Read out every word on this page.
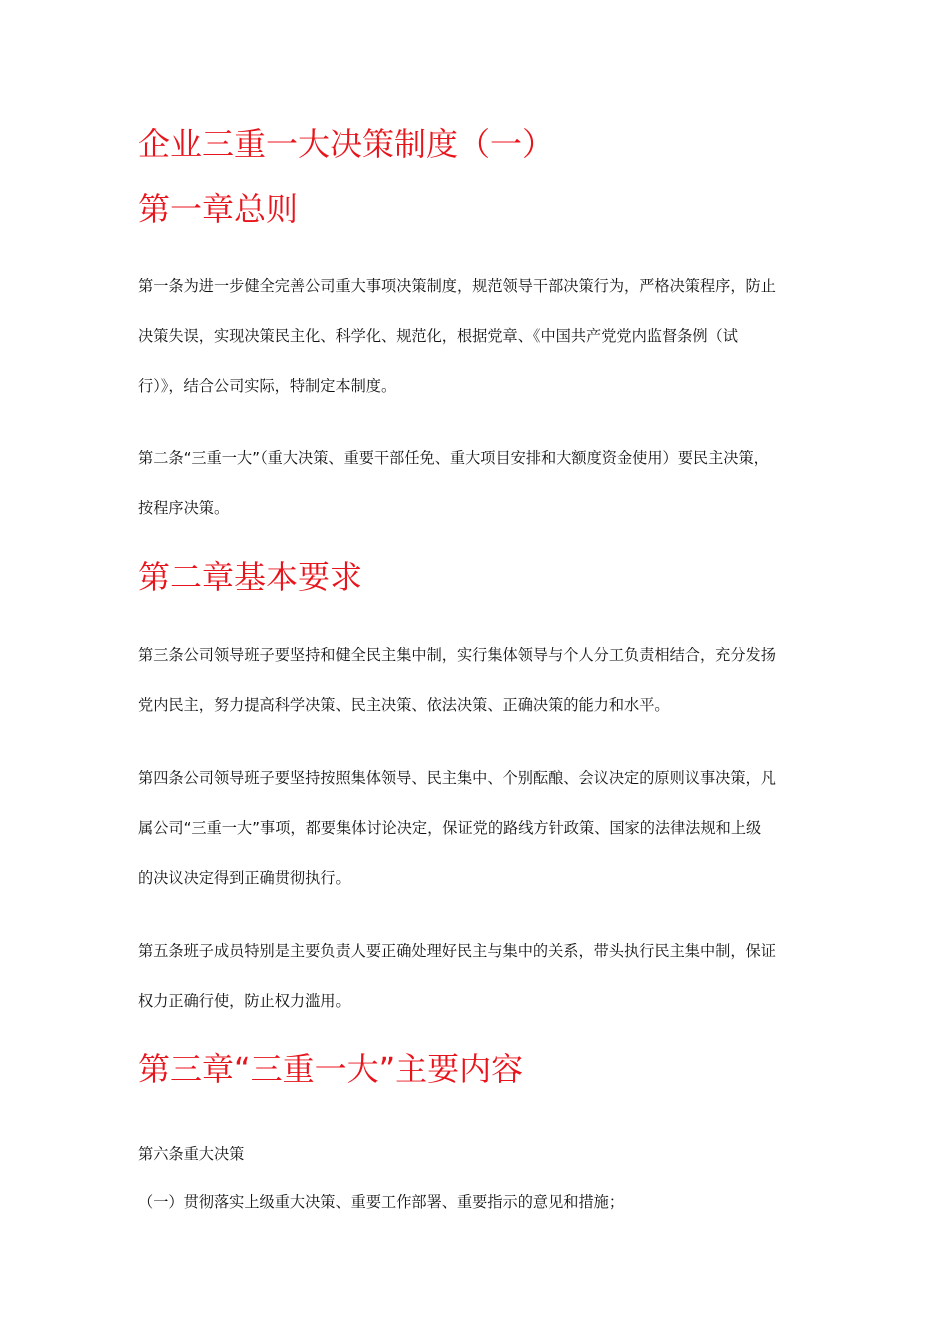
企业三重一大决策制度（一）
第一章总则
第一条为进一步健全完善公司重大事项决策制度，规范领导干部决策行为，严格决策程序，防止
决策失误，实现决策民主化、科学化、规范化，根据党章、《中国共产党党内监督条例（试
行）》，结合公司实际，特制定本制度。
第二条“三重一大”（重大决策、重要干部任免、重大项目安排和大额度资金使用）要民主决策，
按程序决策。
第二章基本要求
第三条公司领导班子要坚持和健全民主集中制，实行集体领导与个人分工负责相结合，充分发扬
党内民主，努力提高科学决策、民主决策、依法决策、正确决策的能力和水平。
第四条公司领导班子要坚持按照集体领导、民主集中、个别酝酿、会议决定的原则议事决策，凡
属公司“三重一大”事项，都要集体讨论决定，保证党的路线方针政策、国家的法律法规和上级
的决议决定得到正确贯彻执行。
第五条班子成员特别是主要负责人要正确处理好民主与集中的关系，带头执行民主集中制，保证
权力正确行使，防止权力滥用。
第三章“三重一大”主要内容
第六条重大决策
（一）贯彻落实上级重大决策、重要工作部署、重要指示的意见和措施；
